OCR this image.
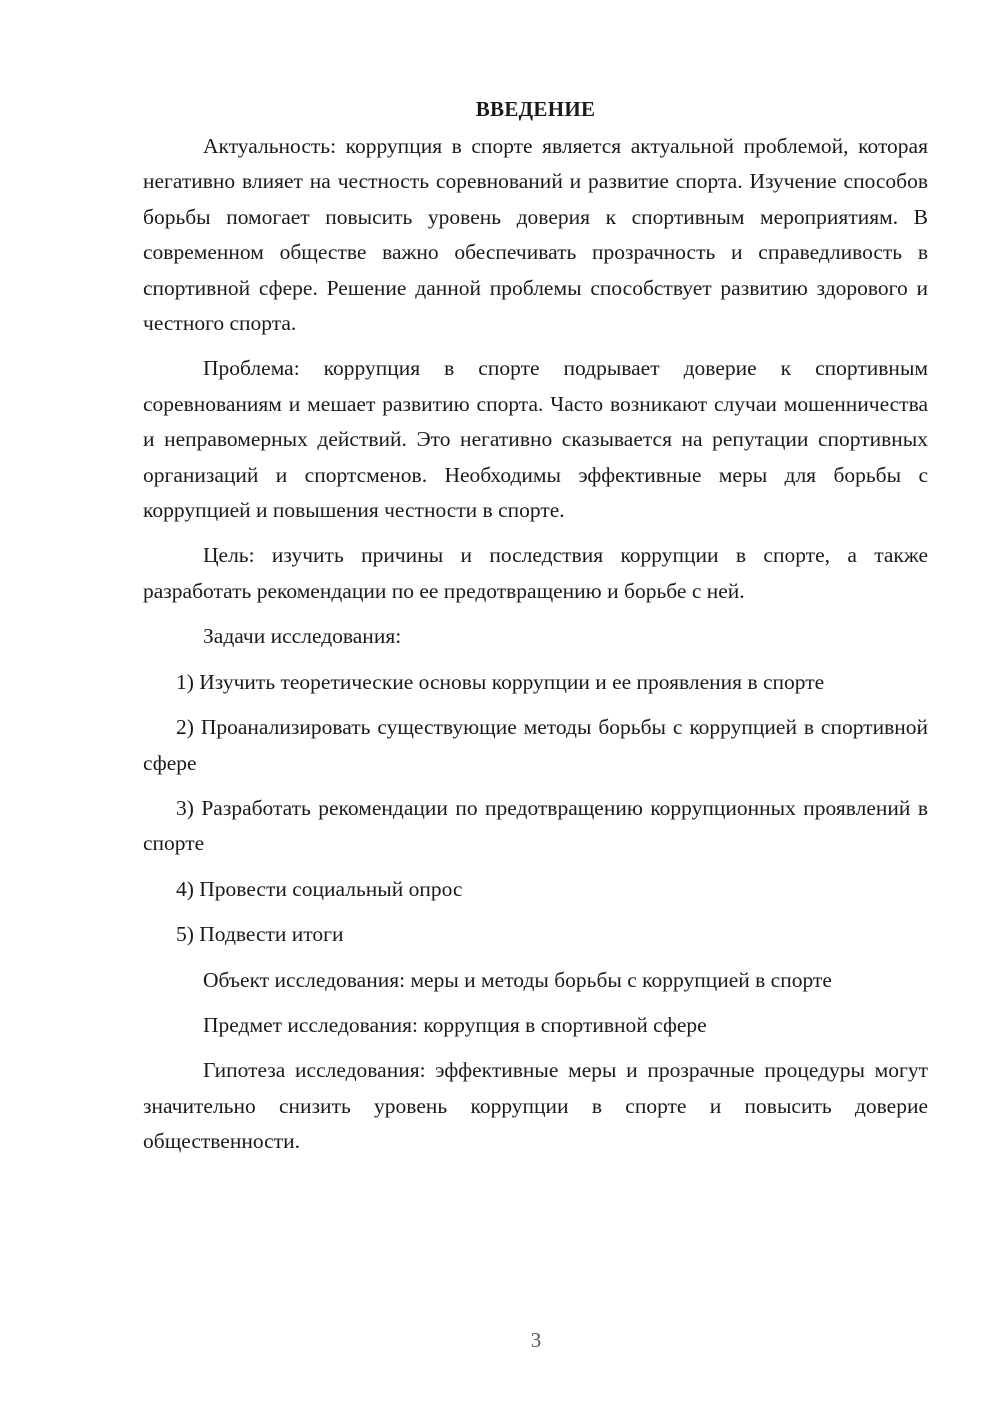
ВВЕДЕНИЕ

Актуальность: коррупция в спорте является актуальной проблемой, которая негативно влияет на честность соревнований и развитие спорта. Изучение способов борьбы помогает повысить уровень доверия к спортивным мероприятиям. В современном обществе важно обеспечивать прозрачность и справедливость в спортивной сфере. Решение данной проблемы способствует развитию здорового и честного спорта.

Проблема: коррупция в спорте подрывает доверие к спортивным соревнованиям и мешает развитию спорта. Часто возникают случаи мошенничества и неправомерных действий. Это негативно сказывается на репутации спортивных организаций и спортсменов. Необходимы эффективные меры для борьбы с коррупцией и повышения честности в спорте.

Цель: изучить причины и последствия коррупции в спорте, а также разработать рекомендации по ее предотвращению и борьбе с ней.

Задачи исследования:

1) Изучить теоретические основы коррупции и ее проявления в спорте

2) Проанализировать существующие методы борьбы с коррупцией в спортивной сфере

3) Разработать рекомендации по предотвращению коррупционных проявлений в спорте

4) Провести социальный опрос

5) Подвести итоги

Объект исследования: меры и методы борьбы с коррупцией в спорте

Предмет исследования: коррупция в спортивной сфере

Гипотеза исследования: эффективные меры и прозрачные процедуры могут значительно снизить уровень коррупции в спорте и повысить доверие общественности.

3
